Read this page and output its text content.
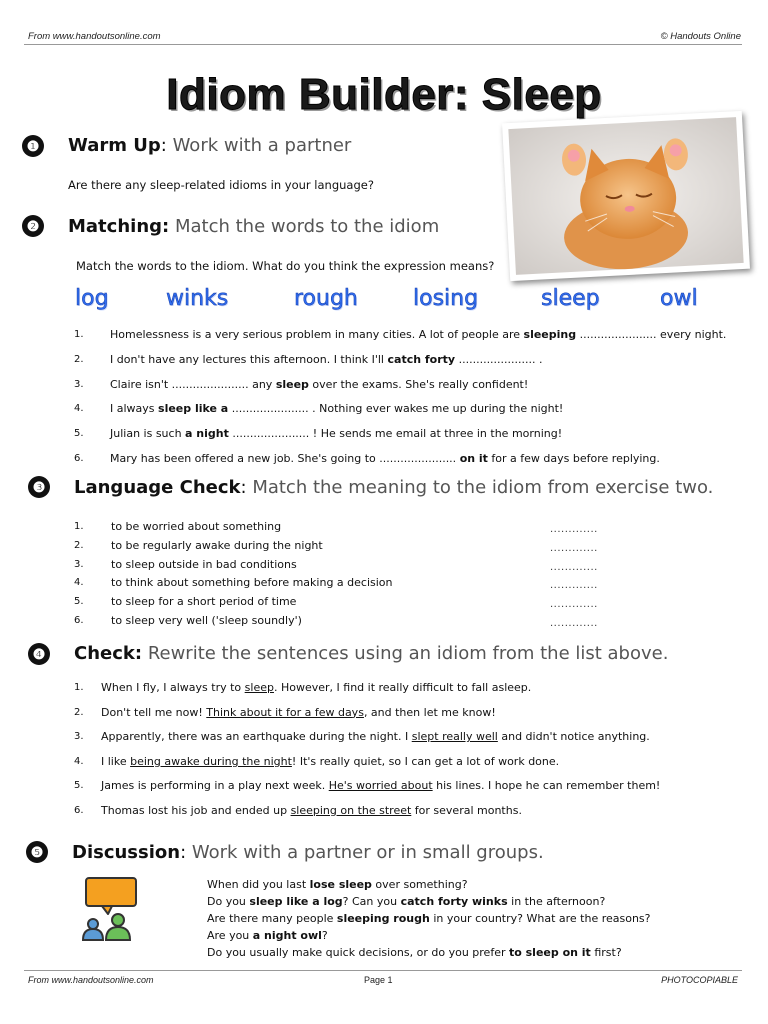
From www.handoutsonline.com	© Handouts Online
Idiom Builder: Sleep
❶ Warm Up: Work with a partner
Are there any sleep-related idioms in your language?
❷ Matching: Match the words to the idiom
Match the words to the idiom. What do you think the expression means?
log	winks	rough	losing	sleep	owl
1. Homelessness is a very serious problem in many cities. A lot of people are sleeping ...................... every night.
2. I don't have any lectures this afternoon. I think I'll catch forty ...................... .
3. Claire isn't ...................... any sleep over the exams. She's really confident!
4. I always sleep like a ...................... . Nothing ever wakes me up during the night!
5. Julian is such a night ...................... ! He sends me email at three in the morning!
6. Mary has been offered a new job. She's going to ...................... on it for a few days before replying.
❸ Language Check: Match the meaning to the idiom from exercise two.
1. to be worried about something	.............
2. to be regularly awake during the night	.............
3. to sleep outside in bad conditions	.............
4. to think about something before making a decision	.............
5. to sleep for a short period of time	.............
6. to sleep very well ('sleep soundly')	.............
❹ Check: Rewrite the sentences using an idiom from the list above.
1. When I fly, I always try to sleep. However, I find it really difficult to fall asleep.
2. Don't tell me now! Think about it for a few days, and then let me know!
3. Apparently, there was an earthquake during the night. I slept really well and didn't notice anything.
4. I like being awake during the night! It's really quiet, so I can get a lot of work done.
5. James is performing in a play next week. He's worried about his lines. I hope he can remember them!
6. Thomas lost his job and ended up sleeping on the street for several months.
❺ Discussion: Work with a partner or in small groups.
When did you last lose sleep over something?
Do you sleep like a log? Can you catch forty winks in the afternoon?
Are there many people sleeping rough in your country? What are the reasons?
Are you a night owl?
Do you usually make quick decisions, or do you prefer to sleep on it first?
From www.handoutsonline.com	Page 1	PHOTOCOPIABLE
